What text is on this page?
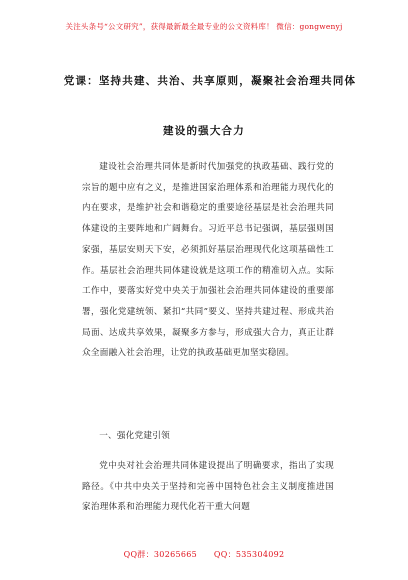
关注头条号“公文研究”，获得最新最全最专业的公文资料库！ 微信：gongwenyj
党课：坚持共建、共治、共享原则，凝聚社会治理共同体
建设的强大合力

建设社会治理共同体是新时代加强党的执政基础、践行党的宗旨的题中应有之义，是推进国家治理体系和治理能力现代化的内在要求，是维护社会和谐稳定的重要途径基层是社会治理共同体建设的主要阵地和广阔舞台。习近平总书记强调，基层强则国家强，基层安则天下安，必须抓好基层治理现代化这项基础性工作。基层社会治理共同体建设就是这项工作的精准切入点。实际工作中，要落实好党中央关于加强社会治理共同体建设的重要部署，强化党建统领、紧扣“共同”要义、坚持共建过程、形成共治局面、达成共享效果，凝聚多方参与，形成强大合力，真正让群众全面融入社会治理，让党的执政基础更加坚实稳固。

一、强化党建引领

党中央对社会治理共同体建设提出了明确要求，指出了实现路径。《中共中央关于坚持和完善中国特色社会主义制度推进国家治理体系和治理能力现代化若干重大问题

QQ群：30265665 QQ：535304092
